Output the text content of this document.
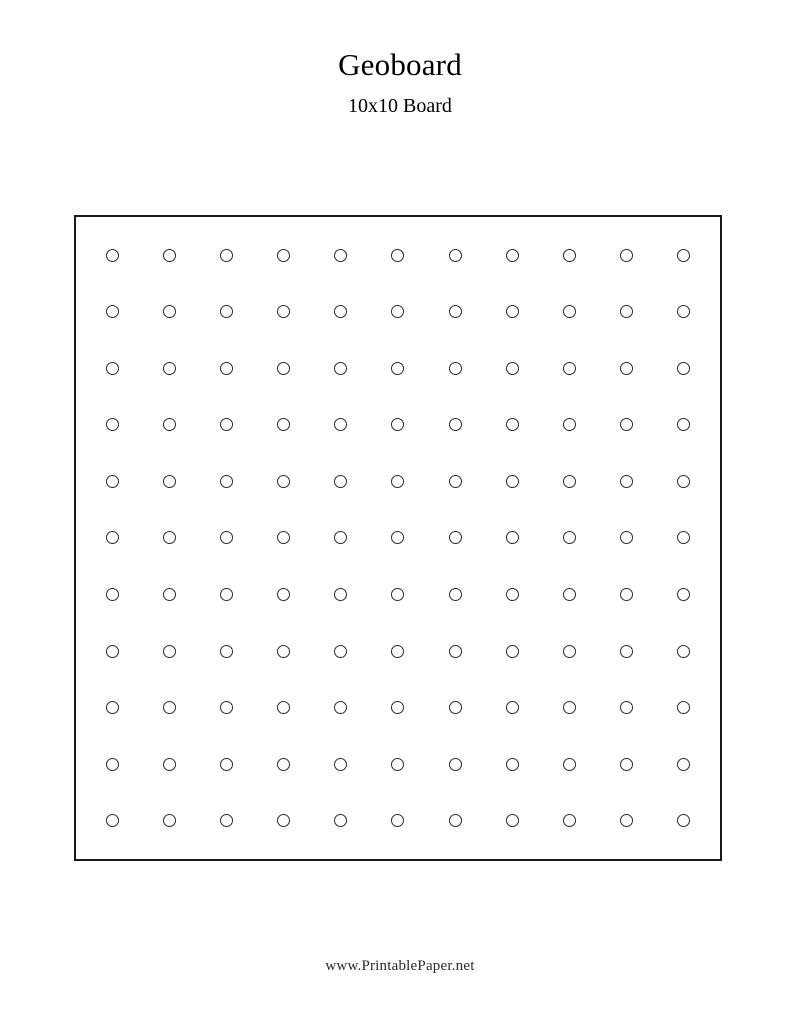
Geoboard
10x10 Board
www.PrintablePaper.net
